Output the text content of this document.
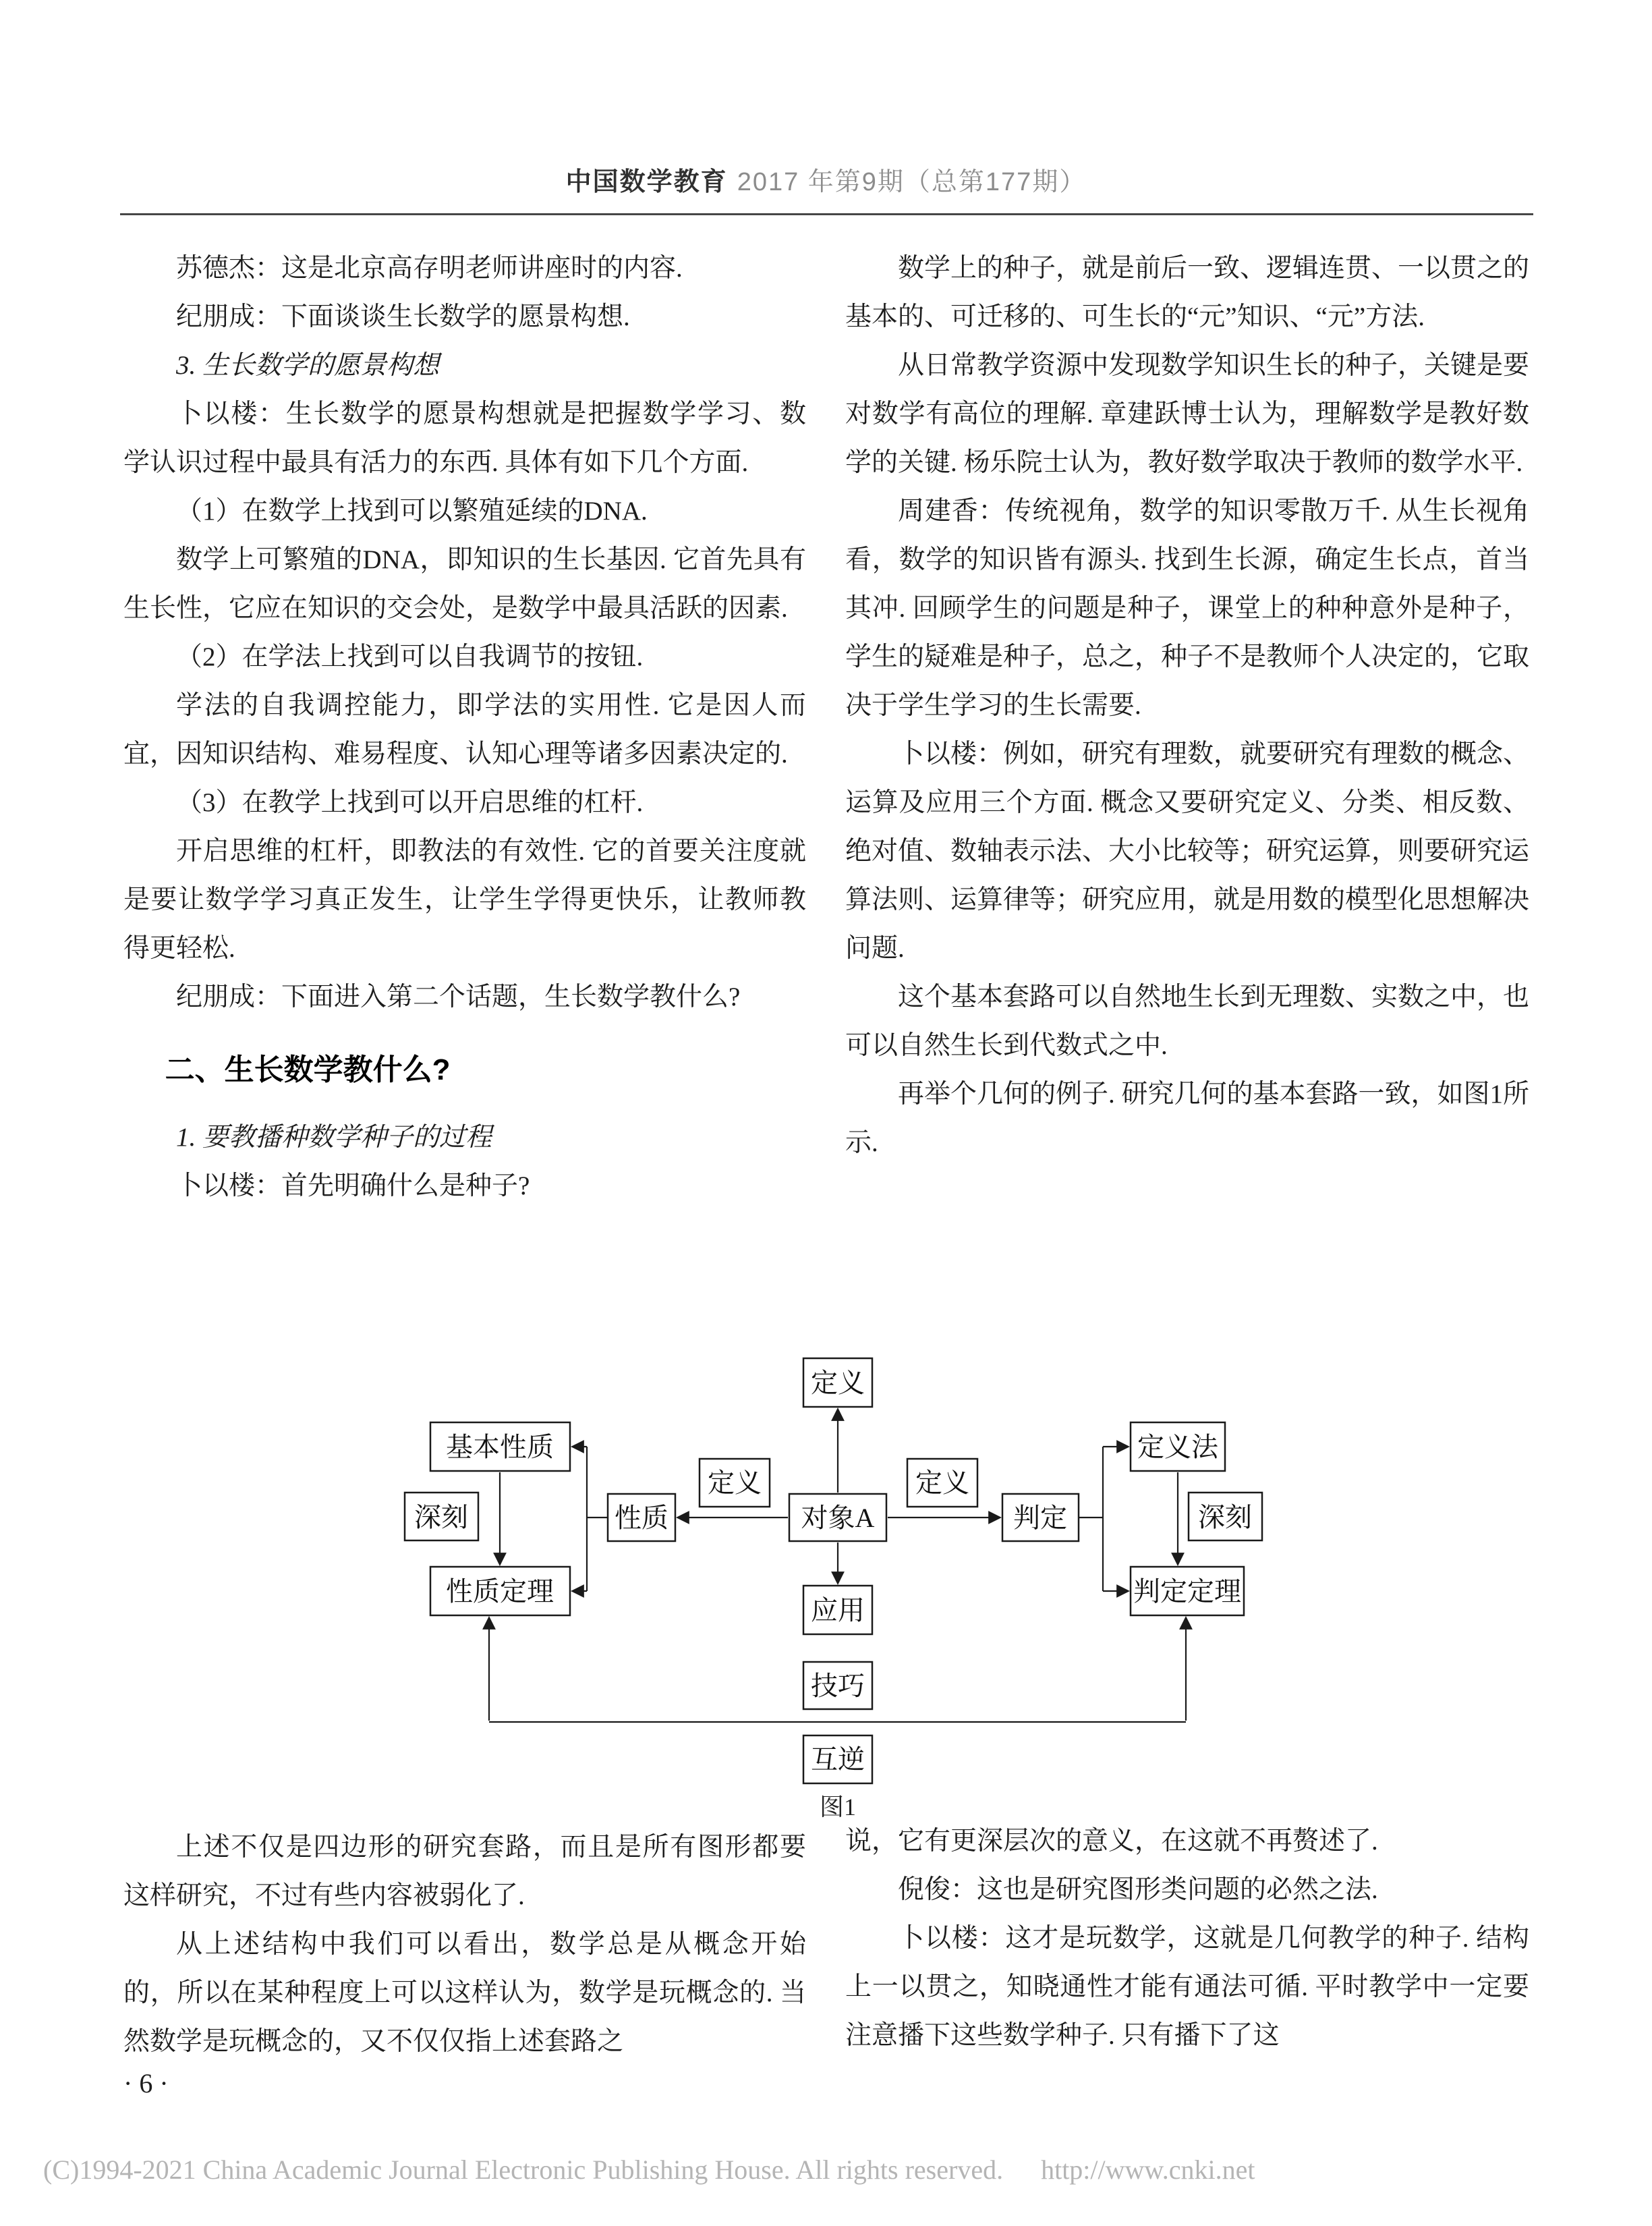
中国数学教育 2017 年第9期（总第177期）

苏德杰：这是北京高存明老师讲座时的内容.

纪朋成：下面谈谈生长数学的愿景构想.

3. 生长数学的愿景构想

卜以楼：生长数学的愿景构想就是把握数学学习、数学认识过程中最具有活力的东西. 具体有如下几个方面.

（1）在数学上找到可以繁殖延续的DNA.

数学上可繁殖的DNA，即知识的生长基因. 它首先具有生长性，它应在知识的交会处，是数学中最具活跃的因素.

（2）在学法上找到可以自我调节的按钮.

学法的自我调控能力，即学法的实用性. 它是因人而宜，因知识结构、难易程度、认知心理等诸多因素决定的.

（3）在教学上找到可以开启思维的杠杆.

开启思维的杠杆，即教法的有效性. 它的首要关注度就是要让数学学习真正发生，让学生学得更快乐，让教师教得更轻松.

纪朋成：下面进入第二个话题，生长数学教什么?

二、生长数学教什么?

1. 要教播种数学种子的过程

卜以楼：首先明确什么是种子?

数学上的种子，就是前后一致、逻辑连贯、一以贯之的基本的、可迁移的、可生长的“元”知识、“元”方法.

从日常教学资源中发现数学知识生长的种子，关键是要对数学有高位的理解. 章建跃博士认为，理解数学是教好数学的关键. 杨乐院士认为，教好数学取决于教师的数学水平.

周建香：传统视角，数学的知识零散万千. 从生长视角看，数学的知识皆有源头. 找到生长源，确定生长点，首当其冲. 回顾学生的问题是种子，课堂上的种种意外是种子，学生的疑难是种子，总之，种子不是教师个人决定的，它取决于学生学习的生长需要.

卜以楼：例如，研究有理数，就要研究有理数的概念、运算及应用三个方面. 概念又要研究定义、分类、相反数、绝对值、数轴表示法、大小比较等；研究运算，则要研究运算法则、运算律等；研究应用，就是用数的模型化思想解决问题.

这个基本套路可以自然地生长到无理数、实数之中，也可以自然生长到代数式之中.

再举个几何的例子. 研究几何的基本套路一致，如图1所示.

定义
基本性质	定义法
定义	定义
深刻	性质	对象A	判定	深刻
性质定理	判定定理
应用
技巧
互逆
图1

上述不仅是四边形的研究套路，而且是所有图形都要这样研究，不过有些内容被弱化了.

从上述结构中我们可以看出，数学总是从概念开始的，所以在某种程度上可以这样认为，数学是玩概念的. 当然数学是玩概念的，又不仅仅指上述套路之

说，它有更深层次的意义，在这就不再赘述了.

倪俊：这也是研究图形类问题的必然之法.

卜以楼：这才是玩数学，这就是几何教学的种子. 结构上一以贯之，知晓通性才能有通法可循. 平时教学中一定要注意播下这些数学种子. 只有播下了这

· 6 ·
(C)1994-2021 China Academic Journal Electronic Publishing House. All rights reserved. http://www.cnki.net
